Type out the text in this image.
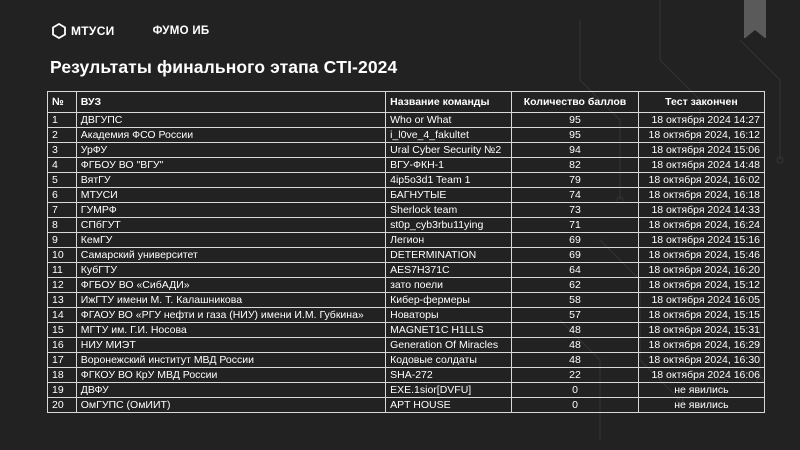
МТУСИ	ФУМО ИБ
Результаты финального этапа CTI-2024
№	ВУЗ	Название команды	Количество баллов	Тест закончен
1	ДВГУПС	Who or What	95	18 октября 2024 14:27
2	Академия ФСО России	i_l0ve_4_fakultet	95	18 октября 2024, 16:12
3	УрФУ	Ural Cyber Security №2	94	18 октября 2024 15:06
4	ФГБОУ ВО "ВГУ"	ВГУ-ФКН-1	82	18 октября 2024 14:48
5	ВятГУ	4ip5o3d1 Team 1	79	18 октября 2024, 16:02
6	МТУСИ	БАГНУТЫЕ	74	18 октября 2024, 16:18
7	ГУМРФ	Sherlock team	73	18 октября 2024 14:33
8	СПбГУТ	st0p_cyb3rbu11ying	71	18 октября 2024, 16:24
9	КемГУ	Легион	69	18 октября 2024 15:16
10	Самарский университет	DETERMINATION	69	18 октября 2024, 15:46
11	КубГТУ	AES7H371C	64	18 октября 2024, 16:20
12	ФГБОУ ВО «СибАДИ»	зато поели	62	18 октября 2024, 15:12
13	ИжГТУ имени М. Т. Калашникова	Кибер-фермеры	58	18 октября 2024 16:05
14	ФГАОУ ВО «РГУ нефти и газа (НИУ) имени И.М. Губкина»	Новаторы	57	18 октября 2024, 15:15
15	МГТУ им. Г.И. Носова	MAGNET1C H1LLS	48	18 октября 2024, 15:31
16	НИУ МИЭТ	Generation Of Miracles	48	18 октября 2024, 16:29
17	Воронежский институт МВД России	Кодовые солдаты	48	18 октября 2024, 16:30
18	ФГКОУ ВО КрУ МВД России	SHA-272	22	18 октября 2024 16:06
19	ДВФУ	EXE.1sior[DVFU]	0	не явились
20	ОмГУПС (ОмИИТ)	APT HOUSE	0	не явились
